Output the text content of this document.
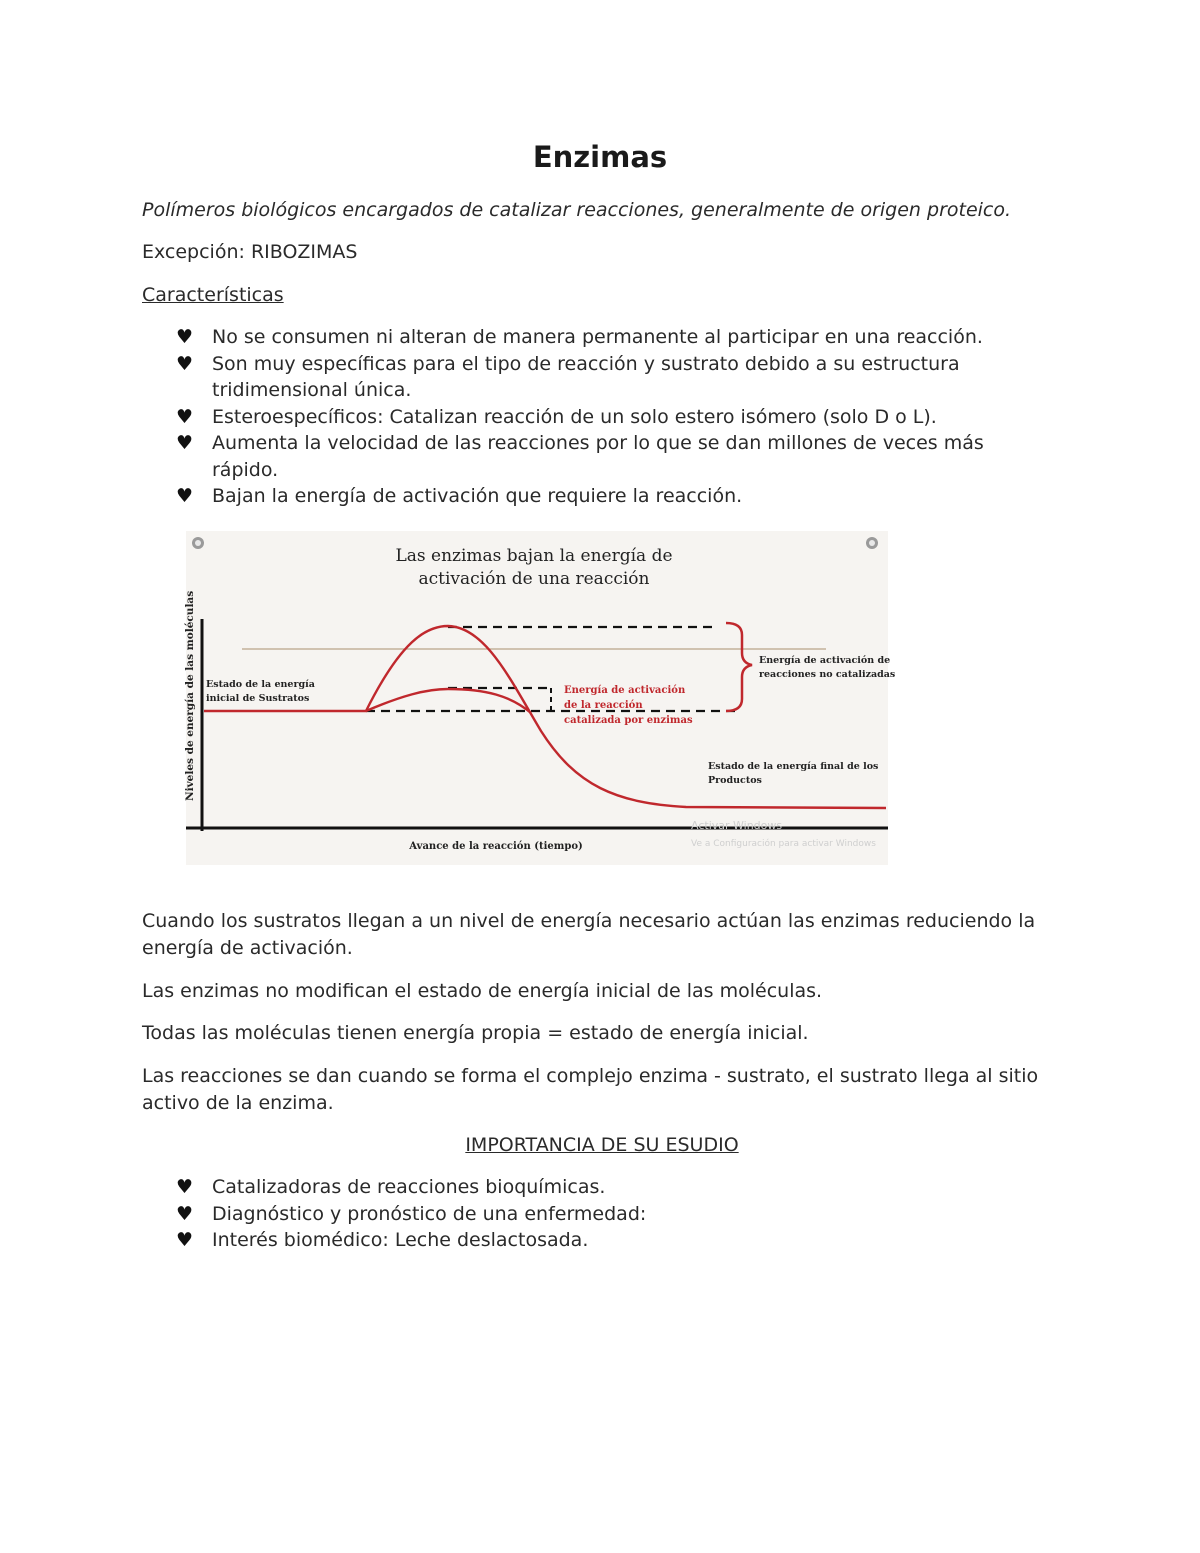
Enzimas
Polímeros biológicos encargados de catalizar reacciones, generalmente de origen proteico.
Excepción: RIBOZIMAS
Características
♥ No se consumen ni alteran de manera permanente al participar en una reacción.
♥ Son muy específicas para el tipo de reacción y sustrato debido a su estructura tridimensional única.
♥ Esteroespecíficos: Catalizan reacción de un solo estero isómero (solo D o L).
♥ Aumenta la velocidad de las reacciones por lo que se dan millones de veces más rápido.
♥ Bajan la energía de activación que requiere la reacción.
Las enzimas bajan la energía de
activación de una reacción
Niveles de energía de las moléculas
Avance de la reacción (tiempo)
Estado de la energía
inicial de Sustratos
Energía de activación de
reacciones no catalizadas
Energía de activación
de la reacción
catalizada por enzimas
Estado de la energía final de los
Productos
Activar Windows
Ve a Configuración para activar Windows
Cuando los sustratos llegan a un nivel de energía necesario actúan las enzimas reduciendo la energía de activación.
Las enzimas no modifican el estado de energía inicial de las moléculas.
Todas las moléculas tienen energía propia = estado de energía inicial.
Las reacciones se dan cuando se forma el complejo enzima - sustrato, el sustrato llega al sitio activo de la enzima.
IMPORTANCIA DE SU ESUDIO
♥ Catalizadoras de reacciones bioquímicas.
♥ Diagnóstico y pronóstico de una enfermedad:
♥ Interés biomédico: Leche deslactosada.
